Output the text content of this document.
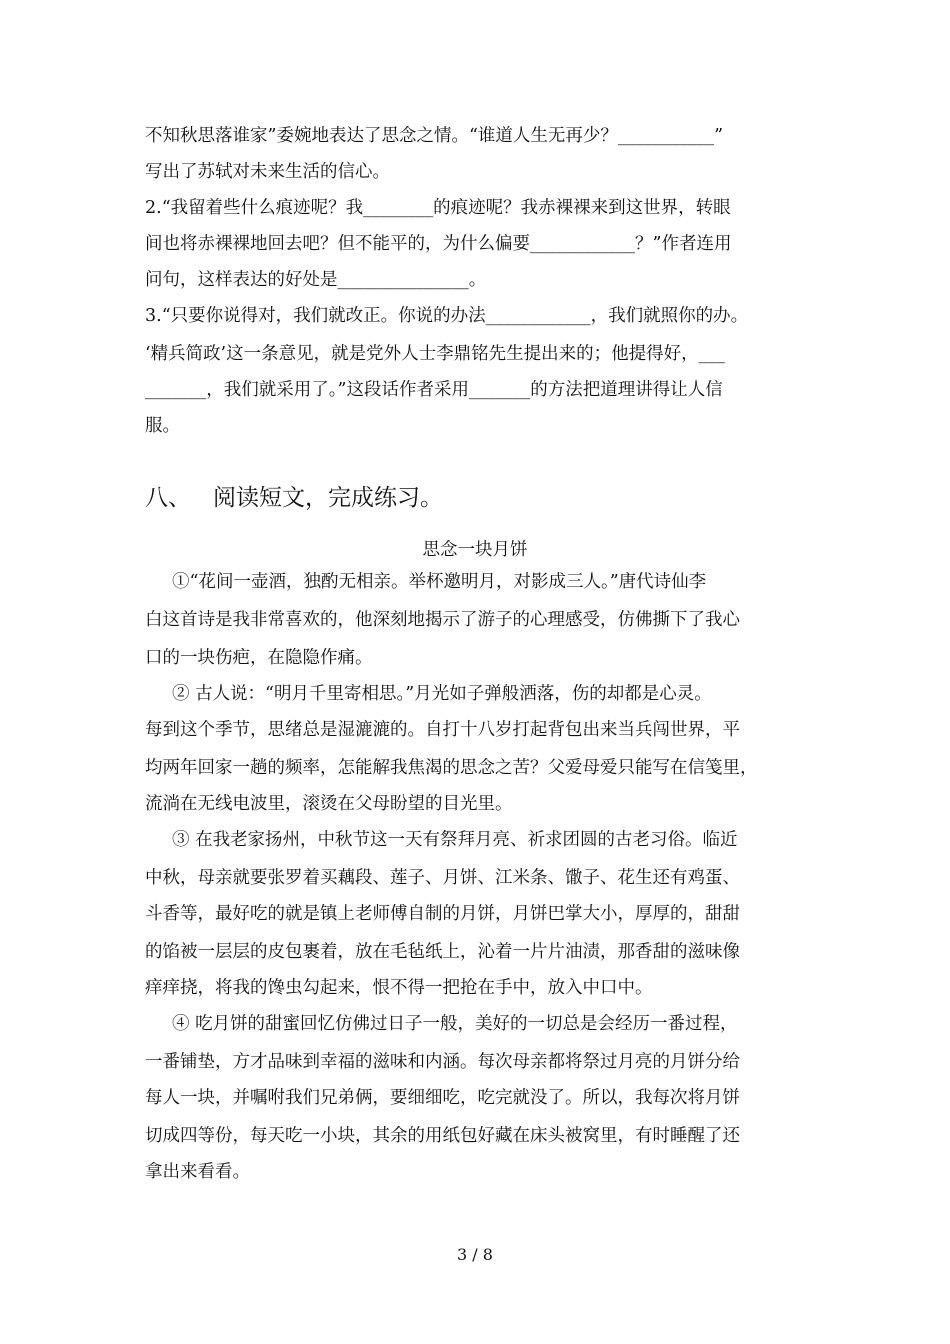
不知秋思落谁家”委婉地表达了思念之情。“谁道人生无再少？___________”
写出了苏轼对未来生活的信心。
2.“我留着些什么痕迹呢？我________的痕迹呢？我赤裸裸来到这世界，转眼
间也将赤裸裸地回去吧？但不能平的，为什么偏要____________？”作者连用
问句，这样表达的好处是_______________。
3.“只要你说得对，我们就改正。你说的办法____________，我们就照你的办。
‘精兵简政’这一条意见，就是党外人士李鼎铭先生提出来的；他提得好，___
_______，我们就采用了。”这段话作者采用_______的方法把道理讲得让人信
服。
八、 阅读短文，完成练习。
思念一块月饼
①“花间一壶酒，独酌无相亲。举杯邀明月，对影成三人。”唐代诗仙李
白这首诗是我非常喜欢的，他深刻地揭示了游子的心理感受，仿佛撕下了我心
口的一块伤疤，在隐隐作痛。
② 古人说：“明月千里寄相思。”月光如子弹般洒落，伤的却都是心灵。
每到这个季节，思绪总是湿漉漉的。自打十八岁打起背包出来当兵闯世界，平
均两年回家一趟的频率，怎能解我焦渴的思念之苦？父爱母爱只能写在信笺里，
流淌在无线电波里，滚烫在父母盼望的目光里。
③ 在我老家扬州，中秋节这一天有祭拜月亮、祈求团圆的古老习俗。临近
中秋，母亲就要张罗着买藕段、莲子、月饼、江米条、馓子、花生还有鸡蛋、
斗香等，最好吃的就是镇上老师傅自制的月饼，月饼巴掌大小，厚厚的，甜甜
的馅被一层层的皮包裹着，放在毛毡纸上，沁着一片片油渍，那香甜的滋味像
痒痒挠，将我的馋虫勾起来，恨不得一把抢在手中，放入中口中。
④ 吃月饼的甜蜜回忆仿佛过日子一般，美好的一切总是会经历一番过程，
一番铺垫，方才品味到幸福的滋味和内涵。每次母亲都将祭过月亮的月饼分给
每人一块，并嘱咐我们兄弟俩，要细细吃，吃完就没了。所以，我每次将月饼
切成四等份，每天吃一小块，其余的用纸包好藏在床头被窝里，有时睡醒了还
拿出来看看。
3 / 8
